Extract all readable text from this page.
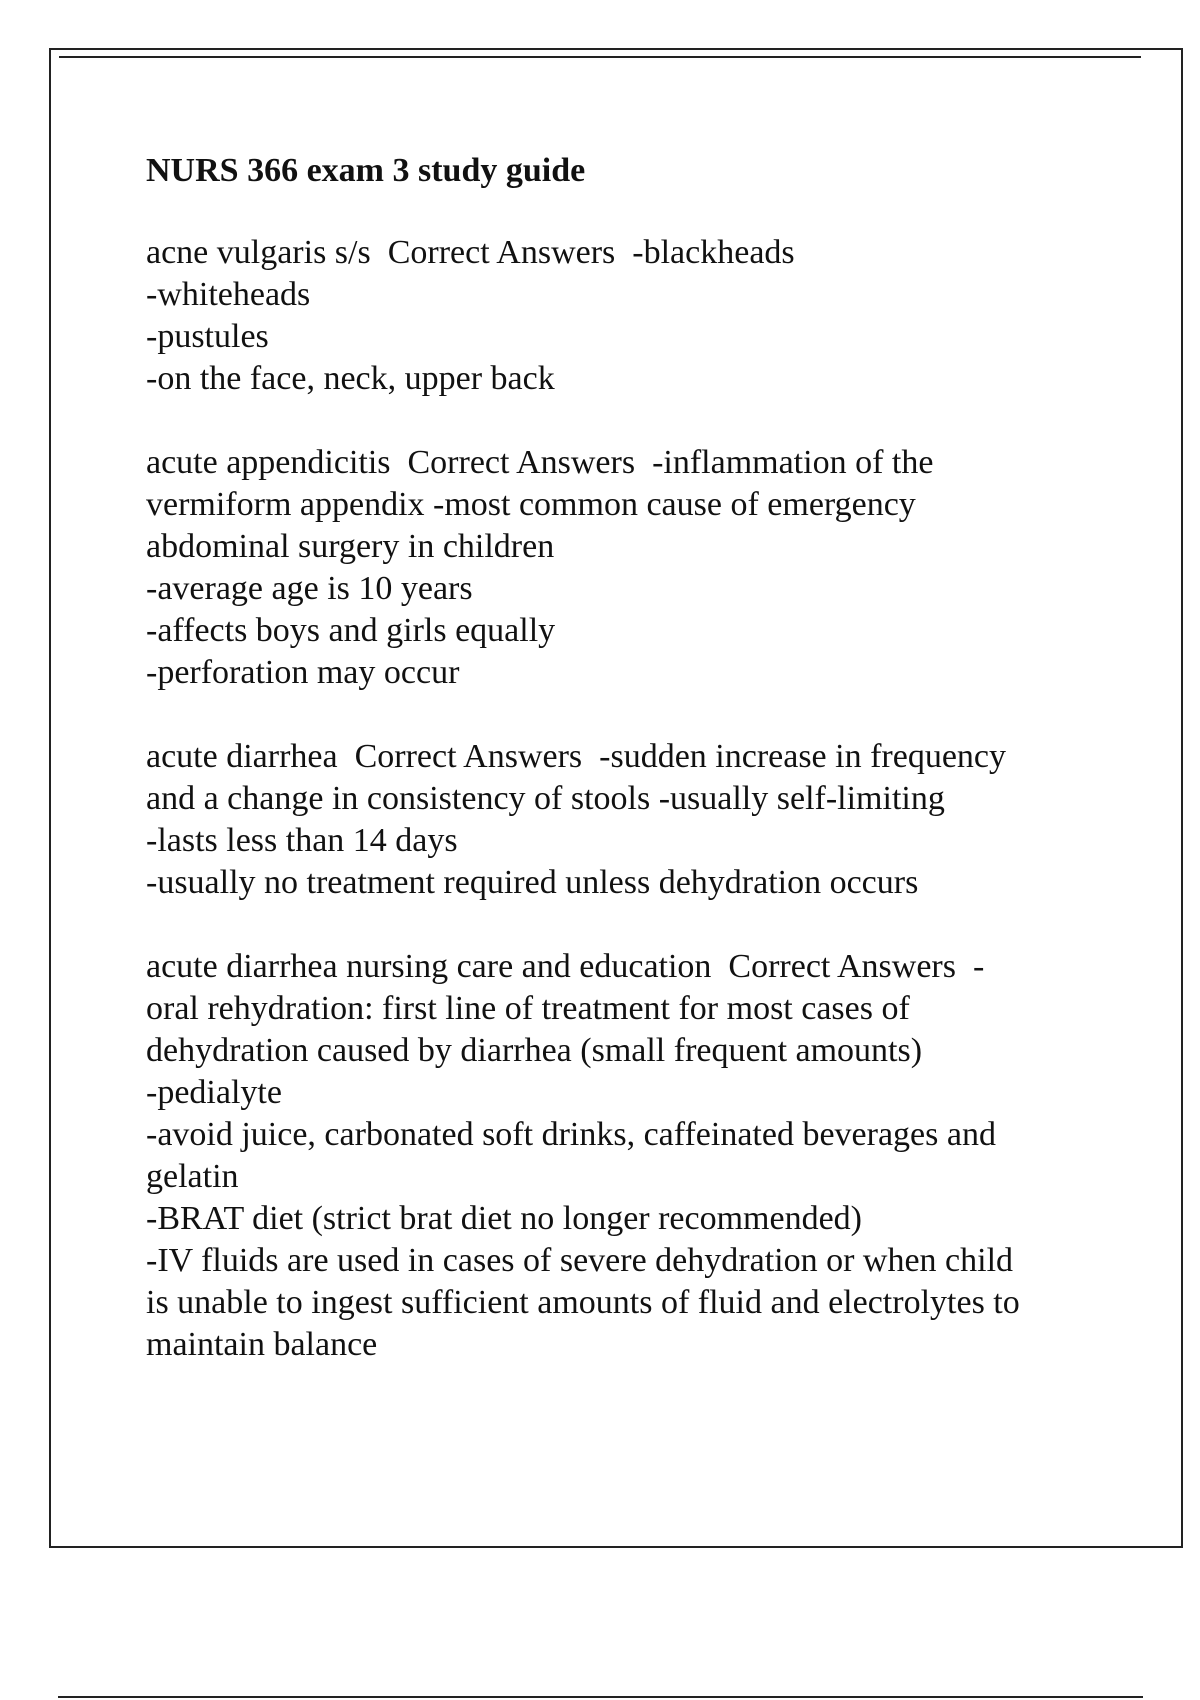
NURS 366 exam 3 study guide
acne vulgaris s/s  Correct Answers  -blackheads
-whiteheads
-pustules
-on the face, neck, upper back
acute appendicitis  Correct Answers  -inflammation of the
vermiform appendix -most common cause of emergency
abdominal surgery in children
-average age is 10 years
-affects boys and girls equally
-perforation may occur
acute diarrhea  Correct Answers  -sudden increase in frequency
and a change in consistency of stools -usually self-limiting
-lasts less than 14 days
-usually no treatment required unless dehydration occurs
acute diarrhea nursing care and education  Correct Answers  -
oral rehydration: first line of treatment for most cases of
dehydration caused by diarrhea (small frequent amounts)
-pedialyte
-avoid juice, carbonated soft drinks, caffeinated beverages and
gelatin
-BRAT diet (strict brat diet no longer recommended)
-IV fluids are used in cases of severe dehydration or when child
is unable to ingest sufficient amounts of fluid and electrolytes to
maintain balance
